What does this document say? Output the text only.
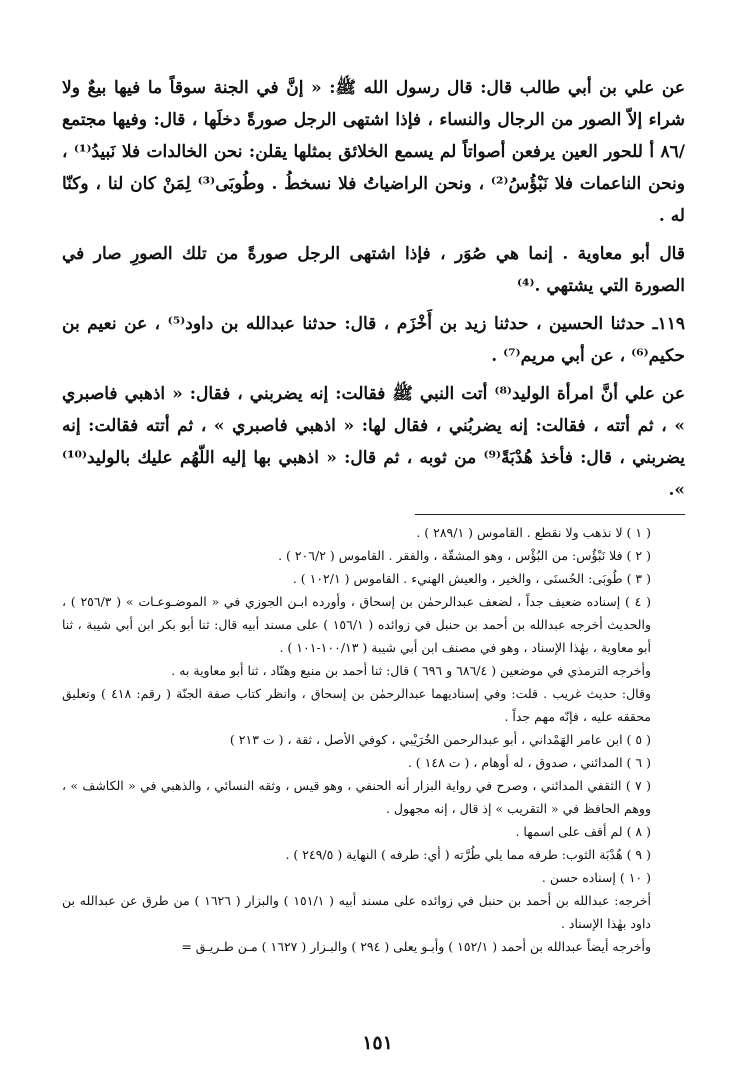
عن علي بن أبي طالب قال: قال رسول الله ﷺ: « إنَّ في الجنة سوقاً ما فيها بيعٌ ولا شراء إلاّ الصور من الرجال والنساء ، فإذا اشتهى الرجل صورةً دخلَها ، قال: وفيها مجتمع /٨٦ أ للحور العين يرفعن أصواتاً لم يسمع الخلائق بمثلها يقلن: نحن الخالدات فلا نَبيدُ⁽¹⁾ ، ونحن الناعمات فلا نَبْؤُسُ⁽²⁾ ، ونحن الراضياتُ فلا نسخطُ . وطُوبَى⁽³⁾ لِمَنْ كان لنا ، وكنّا له .

قال أبو معاوية . إنما هي صُوَر ، فإذا اشتهى الرجل صورةً من تلك الصورِ صار في الصورة التي يشتهي .⁽⁴⁾

١١٩ـ حدثنا الحسين ، حدثنا زيد بن أَخْزَم ، قال: حدثنا عبدالله بن داود⁽⁵⁾ ، عن نعيم بن حكيم⁽⁶⁾ ، عن أبي مريم⁽⁷⁾ .

عن علي أنَّ امرأة الوليد⁽⁸⁾ أتت النبي ﷺ فقالت: إنه يضربني ، فقال: « اذهبي فاصبري » ، ثم أتته ، فقالت: إنه يضربُني ، فقال لها: « اذهبي فاصبري » ، ثم أتته فقالت: إنه يضربني ، قال: فأخذ هُدْبَةً⁽⁹⁾ من ثوبه ، ثم قال: « اذهبي بها إليه اللّهُم عليك بالوليد⁽¹⁰⁾ ».

( ١ ) لا نذهب ولا نقطع . القاموس ( ٢٨٩/١ ) .

( ٢ ) فلا نَبْؤُس: من البُؤْس ، وهو المشقّة ، والفقر . القاموس ( ٢٠٦/٢ ) .

( ٣ ) طُوبَى: الحُسنَى ، والخير ، والعيش الهنيء . القاموس ( ١٠٢/١ ) .

( ٤ ) إسناده ضعيف جداً ، لضعف عبدالرحمٰن بن إسحاق ، وأورده ابـن الجوزي في « الموضـوعـات » ( ٢٥٦/٣ ) ، والحديث أخرجه عبدالله بن أحمد بن حنبل في زوائده ( ١٥٦/١ ) على مسند أبيه قال: ثنا أبو بكر ابن أبي شيبة ، ثنا أبو معاوية ، بهٰذا الإسناد ، وهو في مصنف ابن أبي شيبة ( ١٠٠/١٣-١٠١ ) .

وأخرجه الترمذي في موضعين ( ٦٨٦/٤ و ٦٩٦ ) قال: ثنا أحمد بن منيع وهنّاد ، ثنا أبو معاوية به .

وقال: حديث غريب . قلت: وفي إسناديهما عبدالرحمٰن بن إسحاق ، وانظر كتاب صفة الجنّة ( رقم: ٤١٨ ) وتعليق محققه عليه ، فإنّه مهم جداً .

( ٥ ) ابن عامر الهَمْداني ، أبو عبدالرحمن الخُرَيْبي ، كوفي الأصل ، ثقة ، ( ت ٢١٣ )

( ٦ ) المدائني ، صدوق ، له أوهام ، ( ت ١٤٨ ) .

( ٧ ) الثقفي المدائني ، وصرح في رواية البزار أنه الحنفي ، وهو قيس ، وثقه النسائي ، والذهبي في « الكاشف » ، ووهم الحافظ في « التقريب » إذ قال ، إنه مجهول .

( ٨ ) لم أقف على اسمها .

( ٩ ) هُدْبَة الثوب: طرفه مما يلي طُرَّته ( أي: طرفه ) النهاية ( ٢٤٩/٥ ) .

( ١٠ ) إسناده حسن .

أخرجه: عبدالله بن أحمد بن حنبل في زوائده على مسند أبيه ( ١٥١/١ ) والبزار ( ١٦٢٦ ) من طرق عن عبدالله بن داود بهٰذا الإسناد .

وأخرجه أيضاً عبدالله بن أحمد ( ١٥٢/١ ) وأبـو يعلى ( ٢٩٤ ) والبـزار ( ١٦٢٧ ) مـن طـريـق =

١٥١
